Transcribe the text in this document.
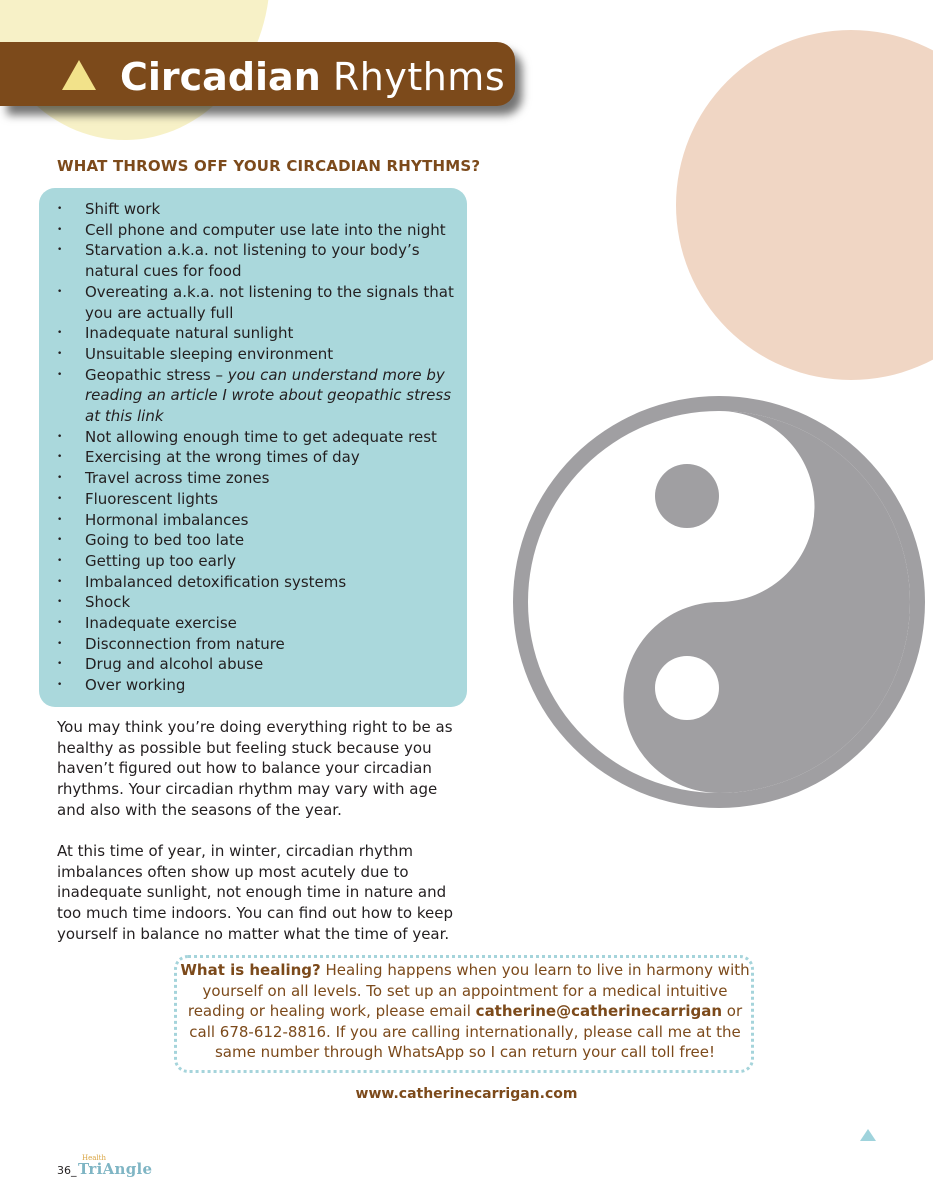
Circadian Rhythms
WHAT THROWS OFF YOUR CIRCADIAN RHYTHMS?
• Shift work
• Cell phone and computer use late into the night
• Starvation a.k.a. not listening to your body’s natural cues for food
• Overeating a.k.a. not listening to the signals that you are actually full
• Inadequate natural sunlight
• Unsuitable sleeping environment
• Geopathic stress – you can understand more by reading an article I wrote about geopathic stress at this link
• Not allowing enough time to get adequate rest
• Exercising at the wrong times of day
• Travel across time zones
• Fluorescent lights
• Hormonal imbalances
• Going to bed too late
• Getting up too early
• Imbalanced detoxification systems
• Shock
• Inadequate exercise
• Disconnection from nature
• Drug and alcohol abuse
• Over working

You may think you’re doing everything right to be as healthy as possible but feeling stuck because you haven’t figured out how to balance your circadian rhythms. Your circadian rhythm may vary with age and also with the seasons of the year.

At this time of year, in winter, circadian rhythm imbalances often show up most acutely due to inadequate sunlight, not enough time in nature and too much time indoors. You can find out how to keep yourself in balance no matter what the time of year.

What is healing? Healing happens when you learn to live in harmony with yourself on all levels. To set up an appointment for a medical intuitive reading or healing work, please email catherine@catherinecarrigan or call 678-612-8816. If you are calling internationally, please call me at the same number through WhatsApp so I can return your call toll free!

www.catherinecarrigan.com
36_
Health
TriAngle
